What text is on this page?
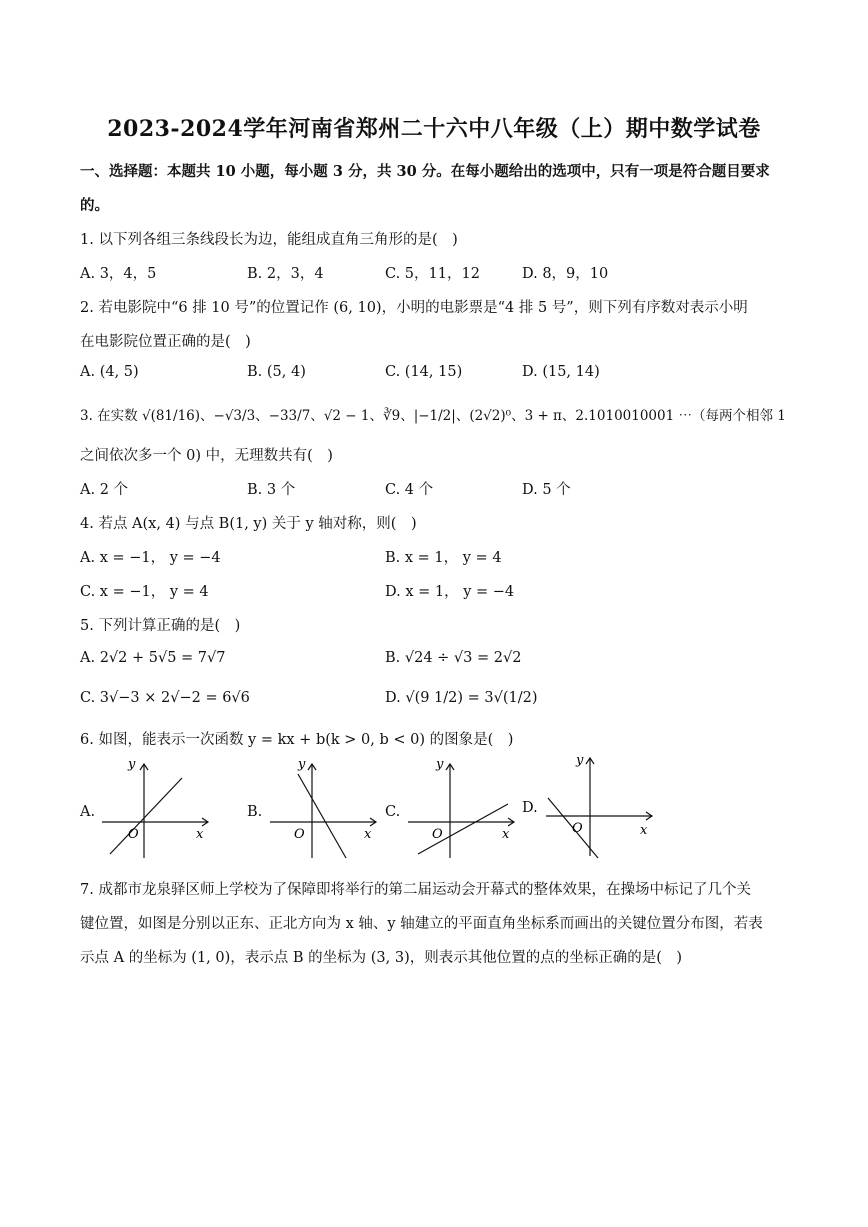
2023-2024学年河南省郑州二十六中八年级（上）期中数学试卷
一、选择题：本题共 10 小题，每小题 3 分，共 30 分。在每小题给出的选项中，只有一项是符合题目要求
的。
1. 以下列各组三条线段长为边，能组成直角三角形的是(　)
A. 3，4，5	B. 2，3，4	C. 5，11，12	D. 8，9，10
2. 若电影院中“6 排 10 号”的位置记作 (6, 10)，小明的电影票是“4 排 5 号”，则下列有序数对表示小明
在电影院位置正确的是(　)
A. (4, 5)	B. (5, 4)	C. (14, 15)	D. (15, 14)
3. 在实数 √(81/16)、−√3/3、−33/7、√2 − 1、∛9、|−1/2|、(2√2)⁰、3 + π、2.1010010001 ⋯（每两个相邻 1
之间依次多一个 0) 中，无理数共有(　)
A. 2 个	B. 3 个	C. 4 个	D. 5 个
4. 若点 A(x, 4) 与点 B(1, y) 关于 y 轴对称，则(　)
A. x = −1， y = −4	B. x = 1， y = 4
C. x = −1， y = 4	D. x = 1， y = −4
5. 下列计算正确的是(　)
A. 2√2 + 5√5 = 7√7	B. √24 ÷ √3 = 2√2
C. 3√−3 × 2√−2 = 6√6	D. √(9 1/2) = 3√(1/2)
6. 如图，能表示一次函数 y = kx + b(k > 0, b < 0) 的图象是(　)
A.	B.	C.	D.
y
x
O
y
x
O
y
x
O
y
x
O
7. 成都市龙泉驿区师上学校为了保障即将举行的第二届运动会开幕式的整体效果，在操场中标记了几个关
键位置，如图是分别以正东、正北方向为 x 轴、y 轴建立的平面直角坐标系而画出的关键位置分布图，若表
示点 A 的坐标为 (1, 0)，表示点 B 的坐标为 (3, 3)，则表示其他位置的点的坐标正确的是(　)
